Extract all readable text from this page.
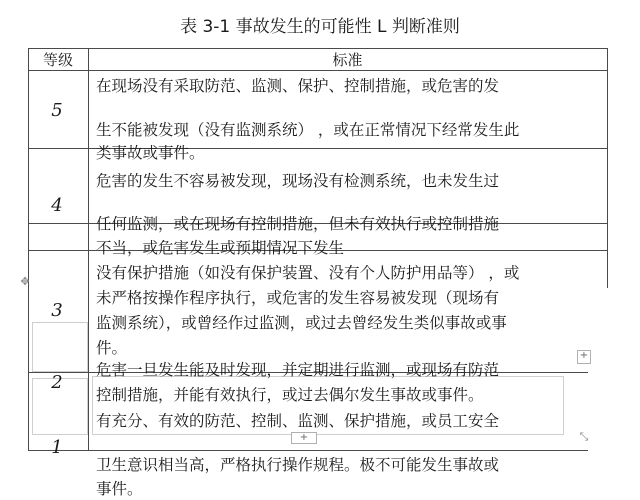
表 3-1 事故发生的可能性 L 判断准则
等级	标准
5
4
3
2
1
在现场没有采取防范、监测、保护、控制措施，或危害的发
生不能被发现（没有监测系统） ，或在正常情况下经常发生此
类事故或事件。
危害的发生不容易被发现，现场没有检测系统，也未发生过
任何监测，或在现场有控制措施，但未有效执行或控制措施
不当，或危害发生或预期情况下发生
没有保护措施（如没有保护装置、没有个人防护用品等） ，或
未严格按操作程序执行，或危害的发生容易被发现（现场有
监测系统），或曾经作过监测，或过去曾经发生类似事故或事
件。
危害一旦发生能及时发现，并定期进行监测，或现场有防范
控制措施，并能有效执行，或过去偶尔发生事故或事件。
有充分、有效的防范、控制、监测、保护措施，或员工安全
卫生意识相当高，严格执行操作规程。极不可能发生事故或
事件。
✥
+
+	⤡
